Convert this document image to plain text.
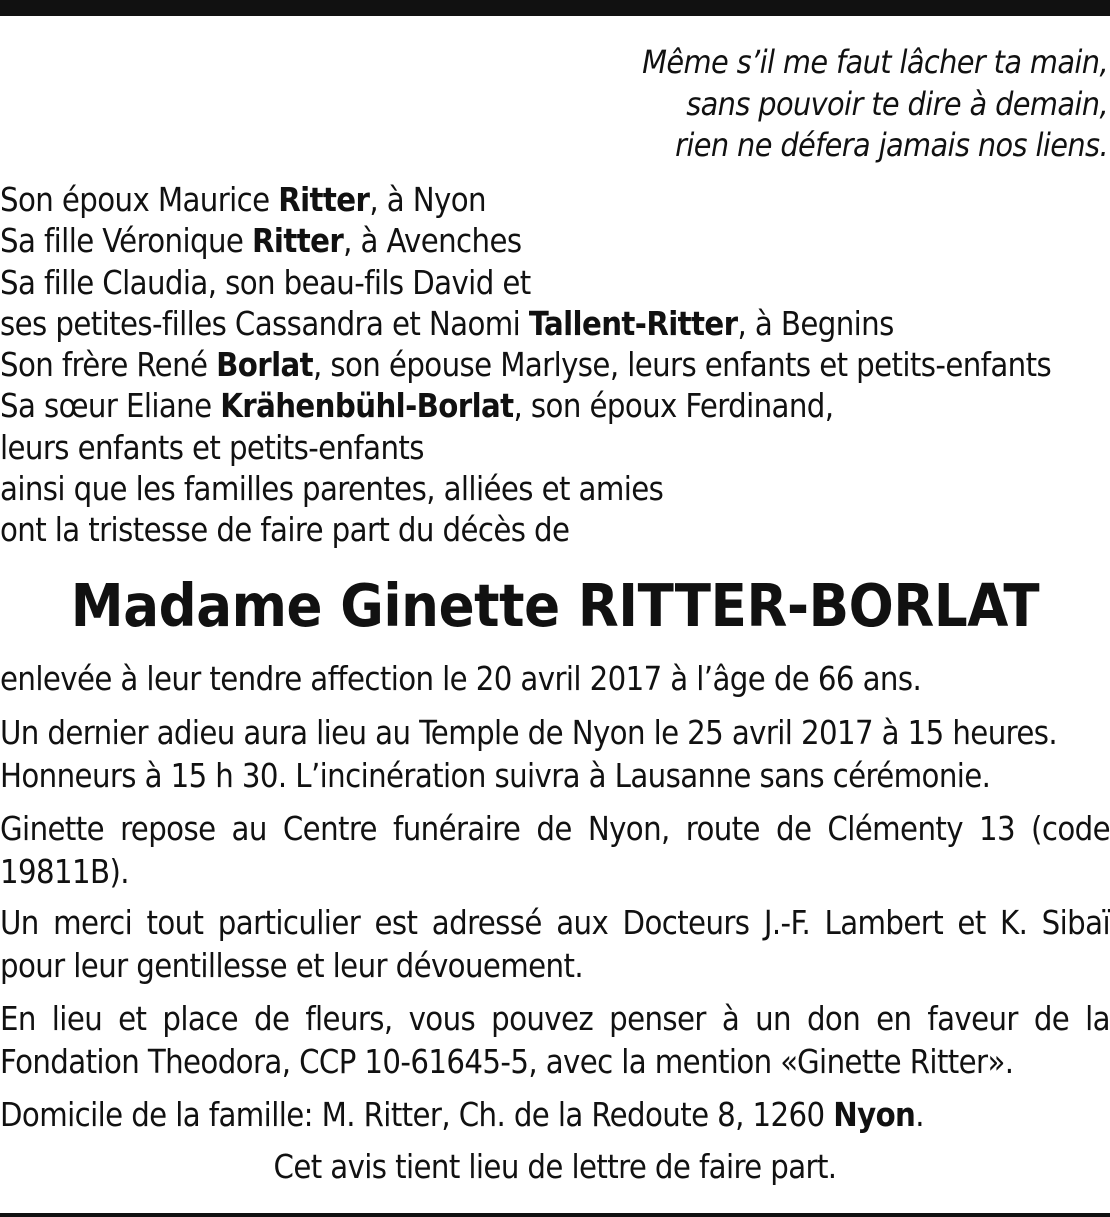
Même s’il me faut lâcher ta main,
sans pouvoir te dire à demain,
rien ne défera jamais nos liens.
Son époux Maurice Ritter, à Nyon
Sa fille Véronique Ritter, à Avenches
Sa fille Claudia, son beau-fils David et
ses petites-filles Cassandra et Naomi Tallent-Ritter, à Begnins
Son frère René Borlat, son épouse Marlyse, leurs enfants et petits-enfants
Sa sœur Eliane Krähenbühl-Borlat, son époux Ferdinand,
leurs enfants et petits-enfants
ainsi que les familles parentes, alliées et amies
ont la tristesse de faire part du décès de
Madame Ginette RITTER-BORLAT
enlevée à leur tendre affection le 20 avril 2017 à l’âge de 66 ans.
Un dernier adieu aura lieu au Temple de Nyon le 25 avril 2017 à 15 heures.
Honneurs à 15 h 30. L’incinération suivra à Lausanne sans cérémonie.
Ginette repose au Centre funéraire de Nyon, route de Clémenty 13 (code 19811B).
Un merci tout particulier est adressé aux Docteurs J.-F. Lambert et K. Sibaï pour leur gentillesse et leur dévouement.
En lieu et place de fleurs, vous pouvez penser à un don en faveur de la Fondation Theodora, CCP 10-61645-5, avec la mention «Ginette Ritter».
Domicile de la famille: M. Ritter, Ch. de la Redoute 8, 1260 Nyon.
Cet avis tient lieu de lettre de faire part.
